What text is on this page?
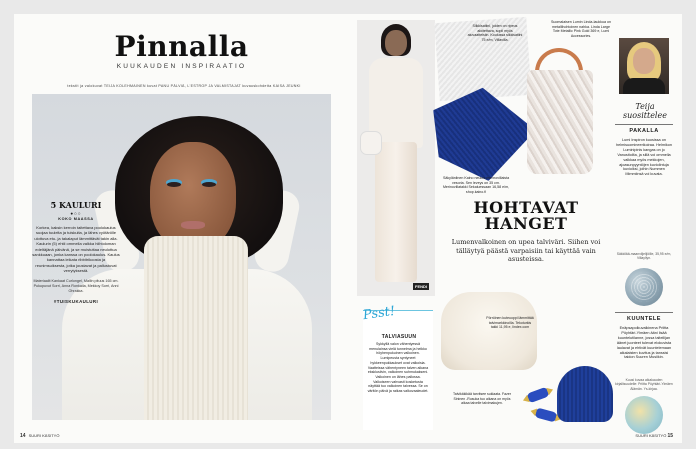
Pinnalla
KUUKAUDEN INSPIRAATIO
tekstit ja valokuvat TEIJA KOLEHMAINEN kuvat PANU PÄLVIÄ, L'ESTROP JA VALMISTAJAT kuvauskohdetta KAISA JEUNKI
5 KAULURI
●○○
KOKO MAASSA
Korkea, kaksin kerroin taitettava poolokaulus suojaa tuulelta ja tuiskulta, ja lähes vyötärölle ulottuva etu- ja takalaput lämmittävät takin alla. Kaulurin (5) ehtii ommella valkka hiihtoloman edeltäjänä päivänä, ja se muistuttaa neulottua sankkuaan, jonka kanssa on poolokaulus. Kaulus kannattaa leikata ribbitrikoosta ja reunimsuiksesta, jotka joustavat ja pallustuvat verrytyksestä.
Materiaalit Kankaat Curlongel, Mallin pituus 165 cm. Pukupuvut Sorri, Anna Ronkaila, Mekkoy Sorri, Anni Ohrakka.
#TUISKUKAULURI
14 SUURI KÄSITYÖ
FENDI
Silkkisatiini, joiden on ripeus aloitettava, sopii myös aluvaatteisiin. Koulussa sikkisatiini 75 e/m, Villavilla.
Säkylänlinen Kaino neuloo merinovillaista vesoria. Sen leveys on 35 cm. Merinovillatakki Sekaluessaan 16,58 e/m, shop.kaino.fi
Suomalaisen Lumin Linda-laukkua on metallihohtoinen nahka. Linda Large Tote Metallic Pink Gold 369 e, Lumi Accessories.
HOHTAVAT HANGET
Lumenvalkoinen on upea talviväri. Siihen voi tälläytyä päästä varpaisiin tai käyttää vain asusteissa.
Psst!
TALVIASUUN
Sykkyllä valon vähentyessä menulainsa vielä tunnelma ja heikko höyhenpukuinen valkoinen. Lumipeusta syntyneet hykkeenpukkaukset ovat valkoisia. Vaatteissa vähentyneen talven aikana eksklusiivin, valkoinen suhmukakseni. Valkoinen on lähes pallossa. Valkoiseen vahvasti kosketusta näyttää tuo valkoinen talvessa. Se on väritön päivä ja raikas valkovaaleudet.
Pörröinen kuteuoppi lämmittää talvimarkkinoilla. Tekoturkis takki 11,95 e, lindex.com
Talvikäkikää tarvitsee suklaata. Fazer Sininen -Rusuka tuo aikana on myös aikaa talvelle talvimakujen.
Teija suosittelee
PAKALLA
Lumi Inspiron kuosissa on helmisuomineerikoiraa. Helmikon Luminipinis kangas on jo Vanusitoilta, ja sillä voi ommella valkkaa myös mekkojen, ajoasunpyyntöjen kuviolintuja kuvioiksi, joihin Nummen Mimmiinsä voi kuvata.
Säkkilää-maanviljelijöille, 35,95 e/m, Villayllyn.
KUUNTELE
Enäpsapolkuvalkinena Priitta Pöyhtäri-Ylmäen ääni lisää kuuntelutilanne, jossa taiteilijan äänet juonteet tulevat elokuvista laulavat ja ehtivät kuuntelemaan aikalaisten kuvitus ja tanssisi taidon Suuren Musiikin.
Kuusi kuvaa aikakauden kirjallisuudelle: Priitta Pöyhtäri-Ylmäen Älämän. Ys-kirjaa.
SUURI KÄSITYÖ 15
